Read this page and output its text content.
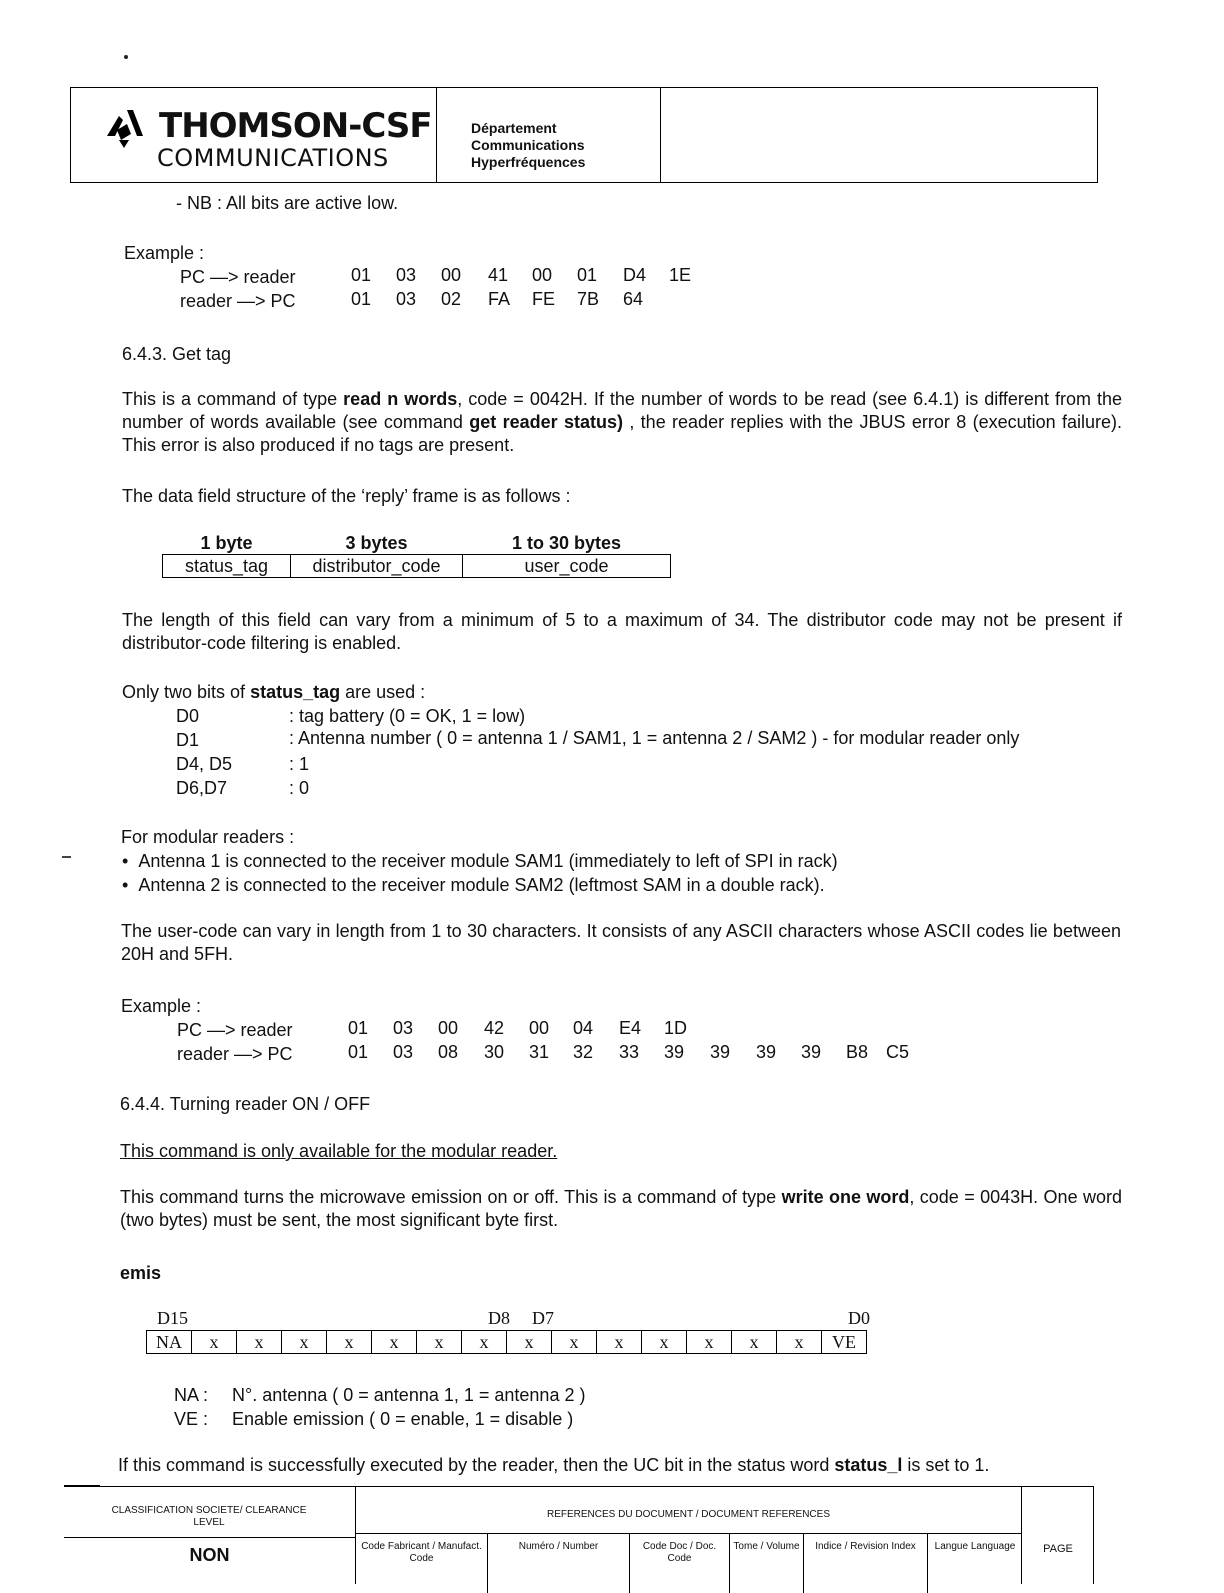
THOMSON-CSF
COMMUNICATIONS
Département
Communications
Hyperfréquences
- NB : All bits are active low.
Example :
PC —> reader	01 03 00 41 00 01 D4 1E
reader —> PC	01 03 02 FA FE 7B 64
6.4.3. Get tag
This is a command of type read n words, code = 0042H. If the number of words to be read (see 6.4.1) is different from the number of words available (see command get reader status) , the reader replies with the JBUS error 8 (execution failure). This error is also produced if no tags are present.
The data field structure of the ‘reply’ frame is as follows :
1 byte	3 bytes	1 to 30 bytes
status_tag	distributor_code	user_code
The length of this field can vary from a minimum of 5 to a maximum of 34. The distributor code may not be present if distributor-code filtering is enabled.
Only two bits of status_tag are used :
D0	: tag battery (0 = OK, 1 = low)
D1	: Antenna number ( 0 = antenna 1 / SAM1, 1 = antenna 2 / SAM2 ) - for modular reader only
D4, D5	: 1
D6,D7	: 0
For modular readers :
•  Antenna 1 is connected to the receiver module SAM1 (immediately to left of SPI in rack)
•  Antenna 2 is connected to the receiver module SAM2 (leftmost SAM in a double rack).
The user-code can vary in length from 1 to 30 characters. It consists of any ASCII characters whose ASCII codes lie between 20H and 5FH.
Example :
PC —> reader	01 03 00 42 00 04 E4 1D
reader —> PC	01 03 08 30 31 32 33 39 39 39 39 B8 C5
6.4.4. Turning reader ON / OFF
This command is only available for the modular reader.
This command turns the microwave emission on or off. This is a command of type write one word, code = 0043H. One word (two bytes) must be sent, the most significant byte first.
emis
D15	D8 D7	D0
NA	x	x	x	x	x	x	x	x	x	x	x	x	x	x	VE
NA : N°. antenna ( 0 = antenna 1, 1 = antenna 2 )
VE : Enable emission ( 0 = enable, 1 = disable )
If this command is successfully executed by the reader, then the UC bit in the status word status_l is set to 1.
CLASSIFICATION SOCIETE/ CLEARANCE LEVEL
NON
REFERENCES DU DOCUMENT / DOCUMENT REFERENCES
Code Fabricant / Manufact. Code
Numéro / Number	Code Doc / Doc. Code
Tome / Volume	Indice / Revision Index	Langue Language	PAGE
